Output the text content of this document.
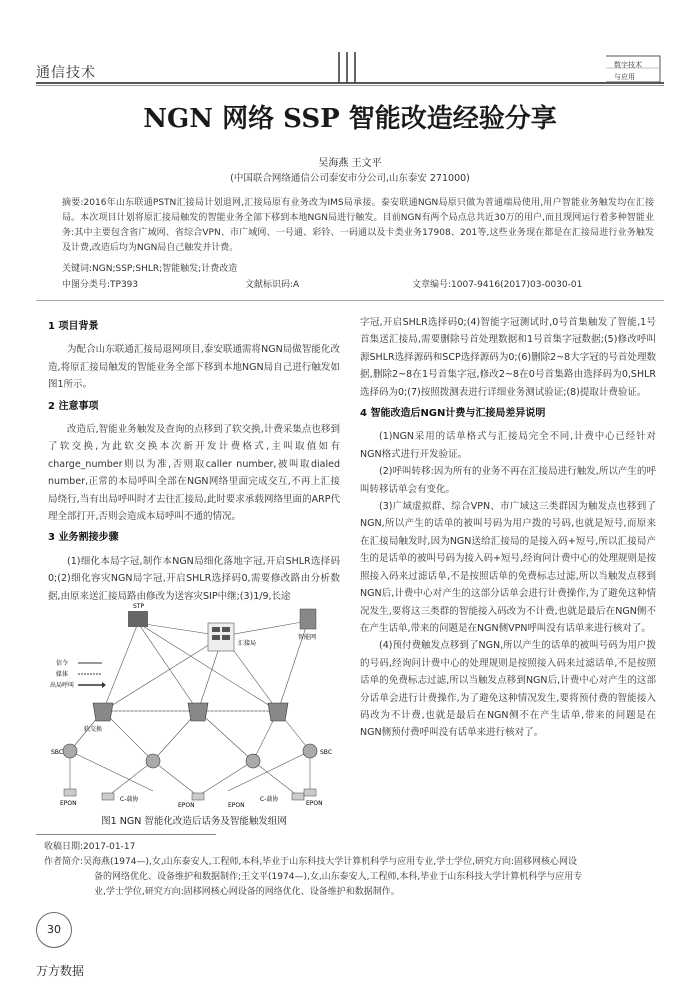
通信技术	数字技术
与应用
NGN 网络 SSP 智能改造经验分享
吴海燕 王文平
(中国联合网络通信公司泰安市分公司,山东泰安 271000)
摘要:2016年山东联通PSTN汇接局计划退网,汇接局原有业务改为IMS局承接。泰安联通NGN局原只做为普通端局使用,用户智能业务触发均在汇接局。本次项目计划将原汇接局触发的智能业务全部下移到本地NGN局进行触发。目前NGN有两个局点总共近30万的用户,而且现网运行着多种智能业务:其中主要包含省广域网、省综合VPN、市广域网、一号通、彩铃、一码通以及卡类业务17908、201等,这些业务现在都是在汇接局进行业务触发及计费,改造后均为NGN局自己触发并计费。
关键词:NGN;SSP;SHLR;智能触发;计费改造
中图分类号:TP393	文献标识码:A	文章编号:1007-9416(2017)03-0030-01
1 项目背景

为配合山东联通汇接局退网项目,泰安联通需将NGN局做智能化改造,将原汇接局触发的智能业务全部下移到本地NGN局自己进行触发如图1所示。

2 注意事项

改造后,智能业务触发及查询的点移到了软交换,计费采集点也移到了软交换,为此软交换本次新开发计费格式,主叫取值如有charge_number则以为准,否则取caller number,被叫取dialed number,正常的本局呼叫全部在NGN网络里面完成交互,不再上汇接局绕行,当有出局呼叫时才去往汇接局,此时要求承载网络里面的ARP代理全部打开,否则会造成本局呼叫不通的情况。

3 业务割接步骤

(1)细化本局字冠,制作本NGN局细化落地字冠,开启SHLR选择码0;(2)细化容灾NGN局字冠,开启SHLR选择码0,需要修改路由分析数据,由原来送汇接局路由修改为送容灾SIP中继;(3)1/9,长途

信令
媒体
出局呼叫
STP
智能网
汇接局
软交换
SBC	SBC
EPON
C-载协
EPON	EPON
C-载协
EPON
图1 NGN 智能化改造后话务及智能触发组网

字冠,开启SHLR选择码0;(4)智能字冠测试时,0号首集触发了智能,1号首集送汇接局,需要删除号首处理数据和1号首集字冠数据;(5)修改呼叫源SHLR选择源码和SCP选择源码为0;(6)删除2~8大字冠的号首处理数据,删除2~8在1号首集字冠,修改2~8在0号首集路由选择码为0,SHLR选择码为0;(7)按照拨测表进行详细业务测试验证;(8)提取计费验证。

4 智能改造后NGN计费与汇接局差异说明

(1)NGN采用的话单格式与汇接局完全不同,计费中心已经针对NGN格式进行开发验证。

(2)呼叫转移:因为所有的业务不再在汇接局进行触发,所以产生的呼叫转移话单会有变化。

(3)广域虚拟群、综合VPN、市广域这三类群因为触发点也移到了NGN,所以产生的话单的被叫号码为用户拨的号码,也就是短号,而原来在汇接局触发时,因为NGN送给汇接局的是接入码+短号,所以汇接局产生的是话单的被叫号码为接入码+短号,经询问计费中心的处理规则是按照接入码来过滤话单,不是按照话单的免费标志过滤,所以当触发点移到NGN后,计费中心对产生的这部分话单会进行计费操作,为了避免这种情况发生,要将这三类群的智能接入码改为不计费,也就是最后在NGN侧不在产生话单,带来的问题是在NGN侧VPN呼叫没有话单来进行核对了。

(4)预付费触发点移到了NGN,所以产生的话单的被叫号码为用户拨的号码,经询问计费中心的处理规则是按照接入码来过滤话单,不是按照话单的免费标志过滤,所以当触发点移到NGN后,计费中心对产生的这部分话单会进行计费操作,为了避免这种情况发生,要将预付费的智能接入码改为不计费,也就是最后在NGN侧不在产生话单,带来的问题是在NGN侧预付费呼叫没有话单来进行核对了。

收稿日期:2017-01-17
作者简介:吴海燕(1974—),女,山东泰安人,工程师,本科,毕业于山东科技大学计算机科学与应用专业,学士学位,研究方向:固移网核心网设
备的网络优化、设备维护和数据制作;王文平(1974—),女,山东泰安人,工程师,本科,毕业于山东科技大学计算机科学与应用专
业,学士学位,研究方向:固移网核心网设备的网络优化、设备维护和数据制作。
30
万方数据
